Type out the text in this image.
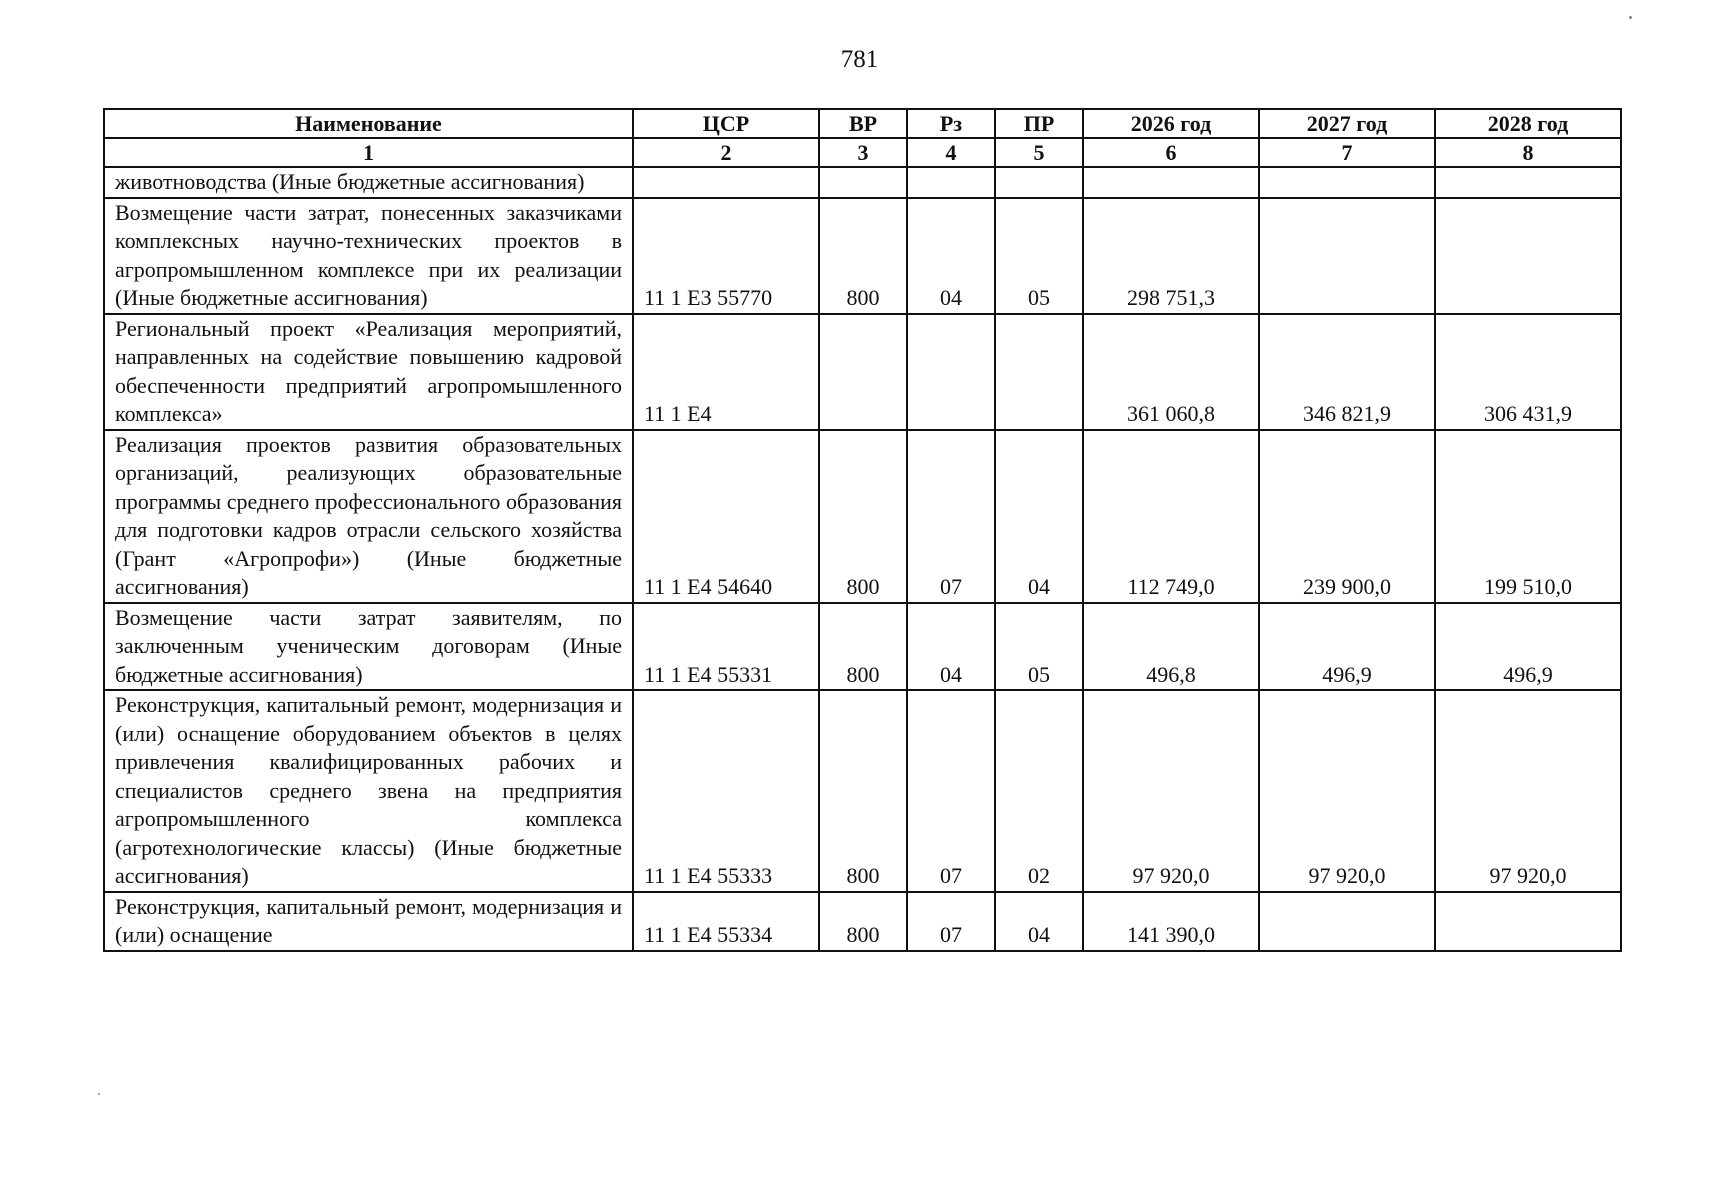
781
Наименование	ЦСР	ВР	Рз	ПР	2026 год	2027 год	2028 год
1	2	3	4	5	6	7	8
животноводства (Иные бюджетные ассигнования)							
Возмещение части затрат, понесенных заказчиками комплексных научно-технических проектов в агропромышленном комплексе при их реализации (Иные бюджетные ассигнования)	11 1 Е3 55770	800	04	05	298 751,3		
Региональный проект «Реализация мероприятий, направленных на содействие повышению кадровой обеспеченности предприятий агропромышленного комплекса»	11 1 Е4				361 060,8	346 821,9	306 431,9
Реализация проектов развития образовательных организаций, реализующих образовательные программы среднего профессионального образования для подготовки кадров отрасли сельского хозяйства (Грант «Агропрофи») (Иные бюджетные ассигнования)	11 1 Е4 54640	800	07	04	112 749,0	239 900,0	199 510,0
Возмещение части затрат заявителям, по заключенным ученическим договорам (Иные бюджетные ассигнования)	11 1 Е4 55331	800	04	05	496,8	496,9	496,9
Реконструкция, капитальный ремонт, модернизация и (или) оснащение оборудованием объектов в целях привлечения квалифицированных рабочих и специалистов среднего звена на предприятия агропромышленного комплекса (агротехнологические классы) (Иные бюджетные ассигнования)	11 1 Е4 55333	800	07	02	97 920,0	97 920,0	97 920,0
Реконструкция, капитальный ремонт, модернизация и (или) оснащение	11 1 Е4 55334	800	07	04	141 390,0		
